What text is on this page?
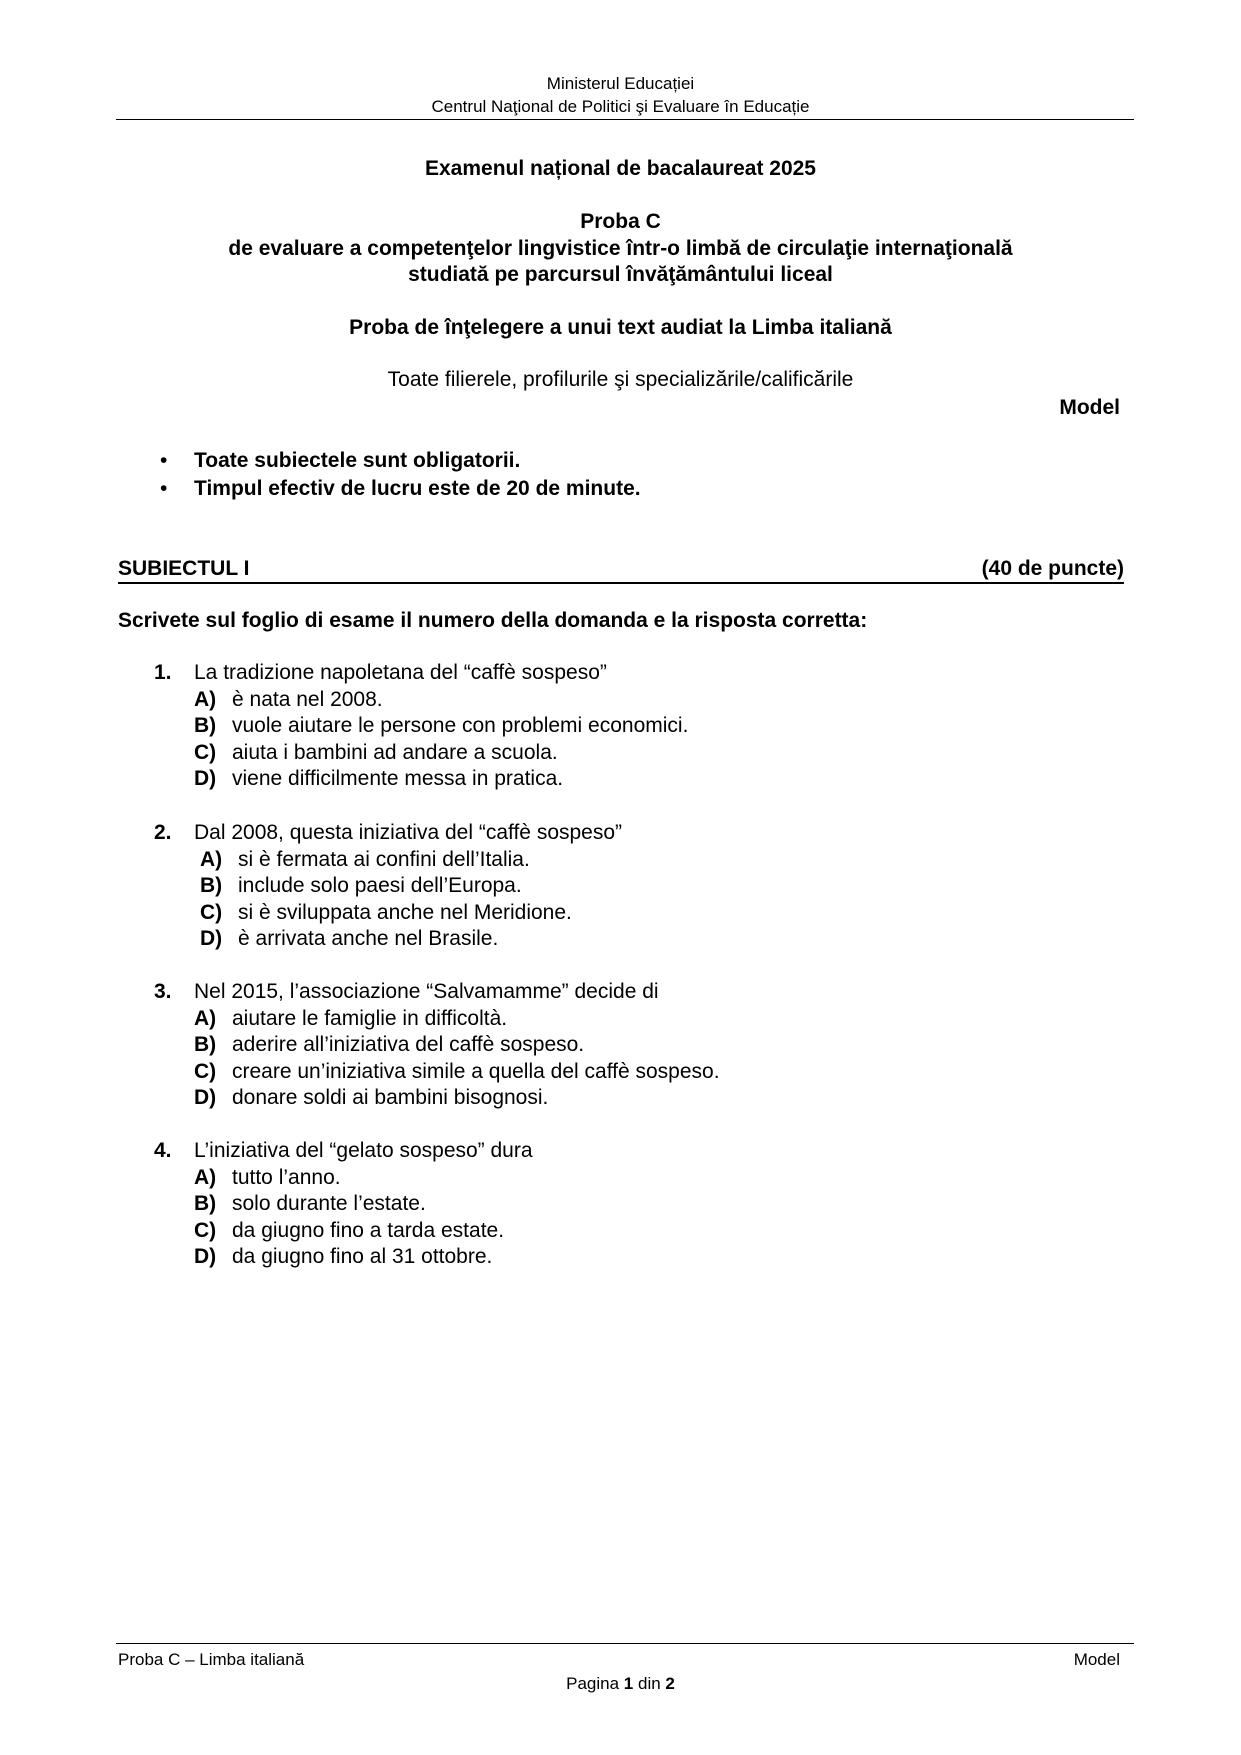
Ministerul Educației
Centrul Naţional de Politici şi Evaluare în Educație
Examenul național de bacalaureat 2025
Proba C
de evaluare a competenţelor lingvistice într-o limbă de circulaţie internaţională
studiată pe parcursul învăţământului liceal
Proba de înţelegere a unui text audiat la Limba italiană
Toate filierele, profilurile şi specializările/calificările
Model
•	Toate subiectele sunt obligatorii.
•	Timpul efectiv de lucru este de 20 de minute.
SUBIECTUL I	(40 de puncte)
Scrivete sul foglio di esame il numero della domanda e la risposta corretta:
1.	La tradizione napoletana del “caffè sospeso”
A) è nata nel 2008.
B) vuole aiutare le persone con problemi economici.
C) aiuta i bambini ad andare a scuola.
D) viene difficilmente messa in pratica.
2.	Dal 2008, questa iniziativa del “caffè sospeso”
A) si è fermata ai confini dell’Italia.
B) include solo paesi dell’Europa.
C) si è sviluppata anche nel Meridione.
D) è arrivata anche nel Brasile.
3.	Nel 2015, l’associazione “Salvamamme” decide di
A) aiutare le famiglie in difficoltà.
B) aderire all’iniziativa del caffè sospeso.
C) creare un’iniziativa simile a quella del caffè sospeso.
D) donare soldi ai bambini bisognosi.
4.	L’iniziativa del “gelato sospeso” dura
A) tutto l’anno.
B) solo durante l’estate.
C) da giugno fino a tarda estate.
D) da giugno fino al 31 ottobre.
Proba C – Limba italiană	Model
Pagina 1 din 2
